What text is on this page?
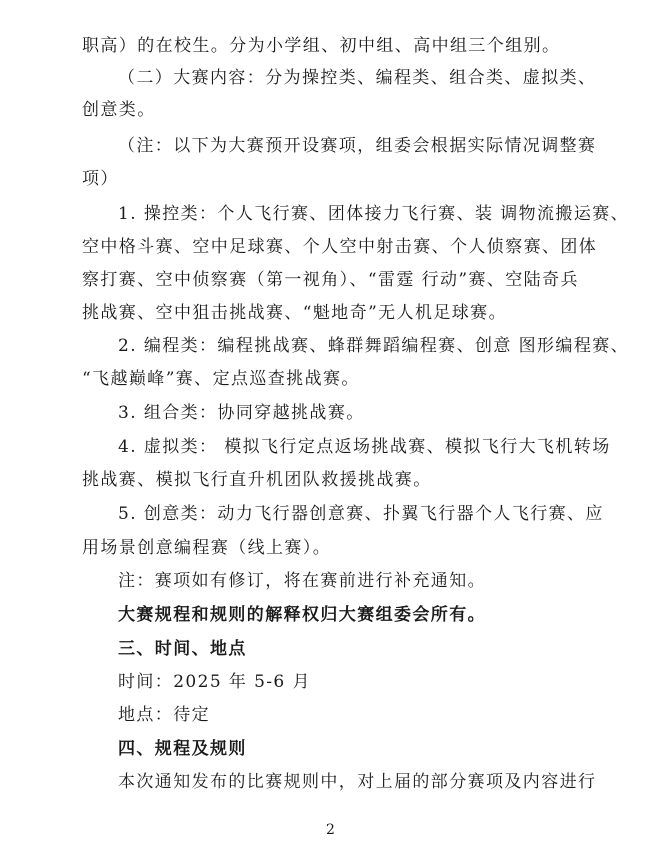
职高）的在校生。分为小学组、初中组、高中组三个组别。
（二）大赛内容：分为操控类、编程类、组合类、虚拟类、
创意类。
（注：以下为大赛预开设赛项，组委会根据实际情况调整赛
项）
1. 操控类：个人飞行赛、团体接力飞行赛、装 调物流搬运赛、
空中格斗赛、空中足球赛、个人空中射击赛、个人侦察赛、团体
察打赛、空中侦察赛（第一视角）、“雷霆 行动”赛、空陆奇兵
挑战赛、空中狙击挑战赛、“魁地奇”无人机足球赛。
2. 编程类：编程挑战赛、蜂群舞蹈编程赛、创意 图形编程赛、
“飞越巅峰”赛、定点巡查挑战赛。
3. 组合类：协同穿越挑战赛。
4. 虚拟类： 模拟飞行定点返场挑战赛、模拟飞行大飞机转场
挑战赛、模拟飞行直升机团队救援挑战赛。
5. 创意类：动力飞行器创意赛、扑翼飞行器个人飞行赛、应
用场景创意编程赛（线上赛）。
注：赛项如有修订，将在赛前进行补充通知。
大赛规程和规则的解释权归大赛组委会所有。
三、时间、地点
时间：2025 年 5-6 月
地点：待定
四、规程及规则
本次通知发布的比赛规则中，对上届的部分赛项及内容进行
2
